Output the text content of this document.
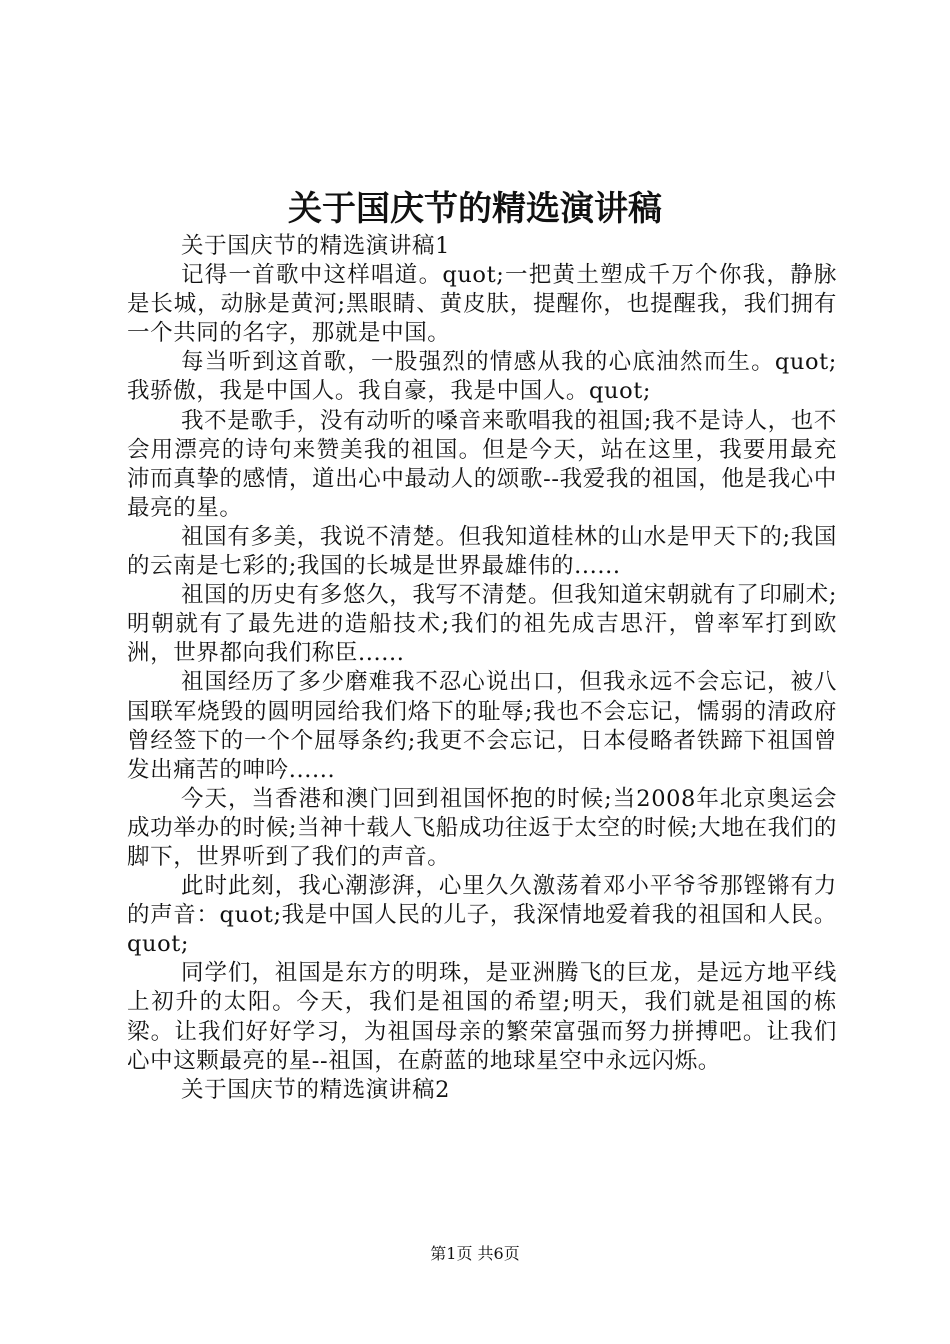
关于国庆节的精选演讲稿

关于国庆节的精选演讲稿1

记得一首歌中这样唱道。quot;一把黄土塑成千万个你我，静脉是长城，动脉是黄河;黑眼睛、黄皮肤，提醒你，也提醒我，我们拥有一个共同的名字，那就是中国。

每当听到这首歌，一股强烈的情感从我的心底油然而生。quot;我骄傲，我是中国人。我自豪，我是中国人。quot;

我不是歌手，没有动听的嗓音来歌唱我的祖国;我不是诗人，也不会用漂亮的诗句来赞美我的祖国。但是今天，站在这里，我要用最充沛而真挚的感情，道出心中最动人的颂歌--我爱我的祖国，他是我心中最亮的星。

祖国有多美，我说不清楚。但我知道桂林的山水是甲天下的;我国的云南是七彩的;我国的长城是世界最雄伟的......

祖国的历史有多悠久，我写不清楚。但我知道宋朝就有了印刷术;明朝就有了最先进的造船技术;我们的祖先成吉思汗，曾率军打到欧洲，世界都向我们称臣......

祖国经历了多少磨难我不忍心说出口，但我永远不会忘记，被八国联军烧毁的圆明园给我们烙下的耻辱;我也不会忘记，懦弱的清政府曾经签下的一个个屈辱条约;我更不会忘记，日本侵略者铁蹄下祖国曾发出痛苦的呻吟......

今天，当香港和澳门回到祖国怀抱的时候;当2008年北京奥运会成功举办的时候;当神十载人飞船成功往返于太空的时候;大地在我们的脚下，世界听到了我们的声音。

此时此刻，我心潮澎湃，心里久久激荡着邓小平爷爷那铿锵有力的声音：quot;我是中国人民的儿子，我深情地爱着我的祖国和人民。quot;

同学们，祖国是东方的明珠，是亚洲腾飞的巨龙，是远方地平线上初升的太阳。今天，我们是祖国的希望;明天，我们就是祖国的栋梁。让我们好好学习，为祖国母亲的繁荣富强而努力拼搏吧。让我们心中这颗最亮的星--祖国，在蔚蓝的地球星空中永远闪烁。

关于国庆节的精选演讲稿2

第1页 共6页
